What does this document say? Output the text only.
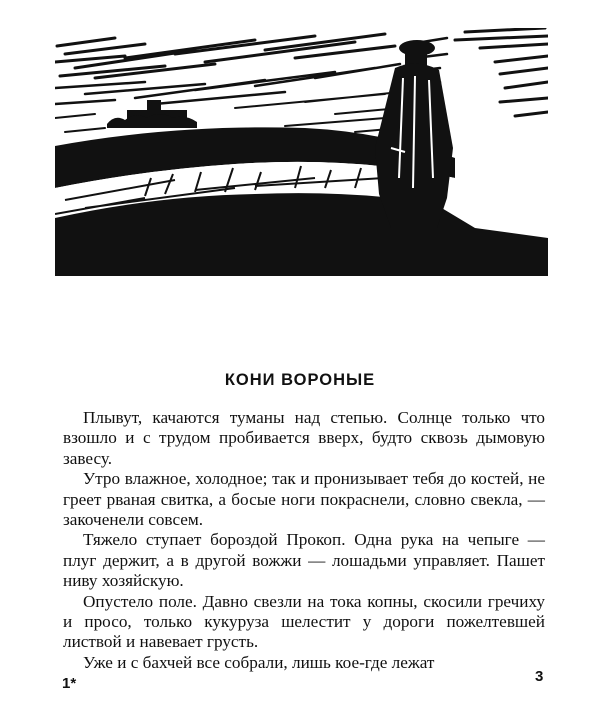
КОНИ ВОРОНЫЕ

Плывут, качаются туманы над степью. Солнце только что взошло и с трудом пробивается вверх, будто сквозь дымовую завесу.

Утро влажное, холодное; так и пронизывает тебя до костей, не греет рваная свитка, а босые ноги покраснели, словно свекла, — закоченели совсем.

Тяжело ступает бороздой Прокоп. Одна рука на чепыге — плуг держит, а в другой вожжи — лошадьми управляет. Пашет ниву хозяйскую.

Опустело поле. Давно свезли на тока копны, скосили гречиху и просо, только кукуруза шелестит у дороги пожелтевшей листвой и навевает грусть.

Уже и с бахчей все собрали, лишь кое-где лежат

1*	3
